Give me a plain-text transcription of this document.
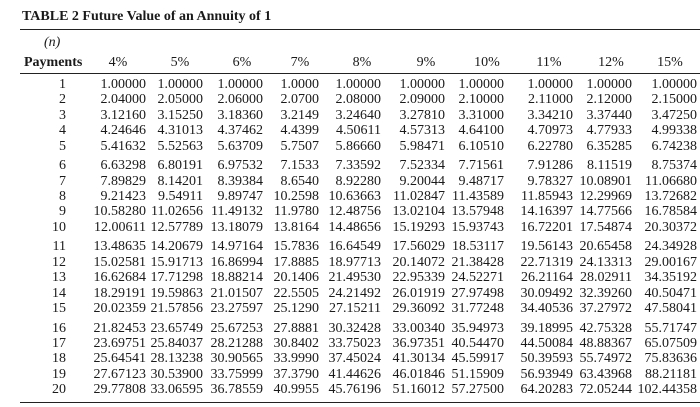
TABLE 2 Future Value of an Annuity of 1
(n)
Payments	4%	5%	6%	7%	8%	9%	10%	11%	12%	15%
1 1.00000 1.00000 1.00000 1.0000 1.00000 1.00000 1.00000 1.00000 1.00000 1.00000
2 2.04000 2.05000 2.06000 2.0700 2.08000 2.09000 2.10000 2.11000 2.12000 2.15000
3 3.12160 3.15250 3.18360 3.2149 3.24640 3.27810 3.31000 3.34210 3.37440 3.47250
4 4.24646 4.31013 4.37462 4.4399 4.50611 4.57313 4.64100 4.70973 4.77933 4.99338
5 5.41632 5.52563 5.63709 5.7507 5.86660 5.98471 6.10510 6.22780 6.35285 6.74238
6 6.63298 6.80191 6.97532 7.1533 7.33592 7.52334 7.71561 7.91286 8.11519 8.75374
7 7.89829 8.14201 8.39384 8.6540 8.92280 9.20044 9.48717 9.78327 10.08901 11.06680
8 9.21423 9.54911 9.89747 10.2598 10.63663 11.02847 11.43589 11.85943 12.29969 13.72682
9 10.58280 11.02656 11.49132 11.9780 12.48756 13.02104 13.57948 14.16397 14.77566 16.78584
10 12.00611 12.57789 13.18079 13.8164 14.48656 15.19293 15.93743 16.72201 17.54874 20.30372
11 13.48635 14.20679 14.97164 15.7836 16.64549 17.56029 18.53117 19.56143 20.65458 24.34928
12 15.02581 15.91713 16.86994 17.8885 18.97713 20.14072 21.38428 22.71319 24.13313 29.00167
13 16.62684 17.71298 18.88214 20.1406 21.49530 22.95339 24.52271 26.21164 28.02911 34.35192
14 18.29191 19.59863 21.01507 22.5505 24.21492 26.01919 27.97498 30.09492 32.39260 40.50471
15 20.02359 21.57856 23.27597 25.1290 27.15211 29.36092 31.77248 34.40536 37.27972 47.58041
16 21.82453 23.65749 25.67253 27.8881 30.32428 33.00340 35.94973 39.18995 42.75328 55.71747
17 23.69751 25.84037 28.21288 30.8402 33.75023 36.97351 40.54470 44.50084 48.88367 65.07509
18 25.64541 28.13238 30.90565 33.9990 37.45024 41.30134 45.59917 50.39593 55.74972 75.83636
19 27.67123 30.53900 33.75999 37.3790 41.44626 46.01846 51.15909 56.93949 63.43968 88.21181
20 29.77808 33.06595 36.78559 40.9955 45.76196 51.16012 57.27500 64.20283 72.05244 102.44358
